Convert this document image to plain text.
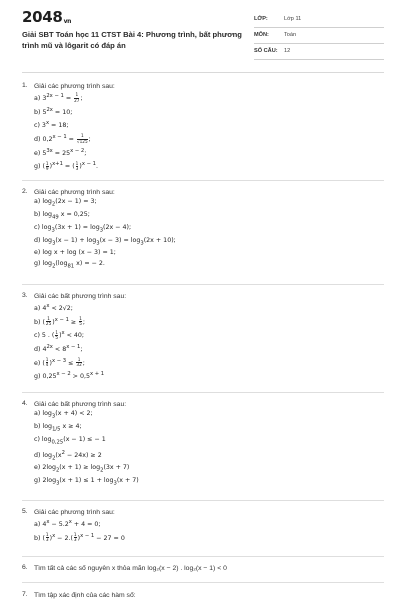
$2048_{vn}$
Giải SBT Toán học 11 CTST Bài 4: Phương trình, bất phương trình mũ và lôgarit có đáp án
LỚP:	Lớp 11
MÔN:	Toán
SỐ CÂU: 12
1. Giải các phương trình sau:
a) $3^{2x - 1} = \frac{1}{27}$ ;
b) $5^{2x} = 10$;
c) $3^x = 18$;
d) $0,2^{x - 1} = \frac{1}{√125}$ ;
e) $5^{3x} = 25^{x - 2}$;
g) ( $\frac{1}{9} )^{x+1}$ = ( $\frac{1}{3} )^{x - 1}$.
2. Giải các phương trình sau:
a) $\log_2(2x - 1) = 3$;
b) $\log_{49} x = 0,25$;
c) $\log_3(3x + 1) = \log_3(2x - 4)$;
d) $\log_3(x - 1) + \log_3(x - 3) = \log_3(2x + 10)$;
e) log x + log (x − 3) = 1;
g) $\log_2(\log_{81}$ x) = − 2.
3. Giải các bất phương trình sau:
a) $4^x < 2√2$;
b) ( $\frac{1}{25} )^{x - 1} \ge \frac{1}{5}$ ;
c) 5 . ( $\frac{1}{5} )^x < 40$;
d) $4^{2x} < 8^{x - 1}$;
e) ( $\frac{1}{4} )^{x - 3} \le \frac{1}{32}$ ;
g) $0,25^{x - 2} > 0,5^{x + 1}$
4. Giải các bất phương trình sau:
a) $\log_3(x + 4) < 2$;
b) $\log_{1/5} x \ge 4$;
c) $\log_{0,25}(x - 1)$ ≤ − 1
d) $\log_2(x^2 - 24x) \ge 2$
e) $2\log_2(x + 1) \ge \log_2(3x + 7)$
g) $2\log_3(x + 1) \le 1 + \log_3(x + 7)$
5. Giải các phương trình sau:
a) $4^x - 5.2^x + 4 = 0$;
b) ( $\frac{1}{3} )^x - 2.( \frac{1}{3} )^{x - 1} - 27 = 0$
6. Tìm tất cả các số nguyên x thỏa mãn log₂(x − 2) . log₂(x − 1) < 0
7. Tìm tập xác định của các hàm số:
